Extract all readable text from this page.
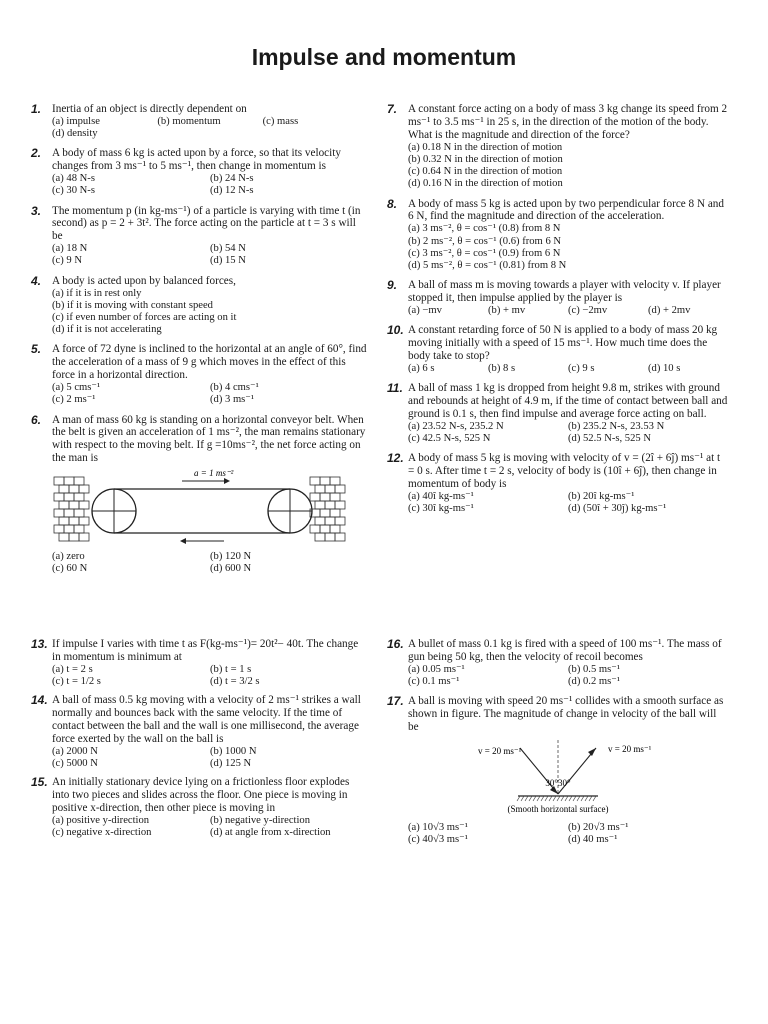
Impulse and momentum
1. Inertia of an object is directly dependent on

(a) impulse	(b) momentum	(c) mass
(d) density
2. A body of mass 6 kg is acted upon by a force, so that its velocity changes from 3 ms⁻¹ to 5 ms⁻¹, then change in momentum is

(a) 48 N-s	(b) 24 N-s
(c) 30 N-s	(d) 12 N-s
3. The momentum p (in kg-ms⁻¹) of a particle is varying with time t (in second) as p = 2 + 3t². The force acting on the particle at t = 3 s will be

(a) 18 N	(b) 54 N
(c) 9 N	(d) 15 N
4. A body is acted upon by balanced forces,

(a) if it is in rest only
(b) if it is moving with constant speed
(c) if even number of forces are acting on it
(d) if it is not accelerating
5. A force of 72 dyne is inclined to the horizontal at an angle of 60°, find the acceleration of a mass of 9 g which moves in the effect of this force in a horizontal direction.

(a) 5 cms⁻¹	(b) 4 cms⁻¹
(c) 2 ms⁻¹	(d) 3 ms⁻¹
6. A man of mass 60 kg is standing on a horizontal conveyor belt. When the belt is given an acceleration of 1 ms⁻², the man remains stationary with respect to the moving belt. If g =10ms⁻², the net force acting on the man is

a = 1 ms⁻²
(a) zero	(b) 120 N
(c) 60 N	(d) 600 N
7. A constant force acting on a body of mass 3 kg change its speed from 2 ms⁻¹ to 3.5 ms⁻¹ in 25 s, in the direction of the motion of the body. What is the magnitude and direction of the force?

(a) 0.18 N in the direction of motion
(b) 0.32 N in the direction of motion
(c) 0.64 N in the direction of motion
(d) 0.16 N in the direction of motion
8. A body of mass 5 kg is acted upon by two perpendicular force 8 N and 6 N, find the magnitude and direction of the acceleration.

(a) 3 ms⁻², θ = cos⁻¹ (0.8) from 8 N
(b) 2 ms⁻², θ = cos⁻¹ (0.6) from 6 N
(c) 3 ms⁻², θ = cos⁻¹ (0.9) from 6 N
(d) 5 ms⁻², θ = cos⁻¹ (0.81) from 8 N
9. A ball of mass m is moving towards a player with velocity v. If player stopped it, then impulse applied by the player is

(a) −mv	(b) + mv	(c) −2mv	(d) + 2mv
10. A constant retarding force of 50 N is applied to a body of mass 20 kg moving initially with a speed of 15 ms⁻¹. How much time does the body take to stop?

(a) 6 s	(b) 8 s	(c) 9 s	(d) 10 s
11. A ball of mass 1 kg is dropped from height 9.8 m, strikes with ground and rebounds at height of 4.9 m, if the time of contact between ball and ground is 0.1 s, then find impulse and average force acting on ball.

(a) 23.52 N-s, 235.2 N	(b) 235.2 N-s, 23.53 N
(c) 42.5 N-s, 525 N	(d) 52.5 N-s, 525 N
12. A body of mass 5 kg is moving with velocity of v = (2î + 6ĵ) ms⁻¹ at t = 0 s. After time t = 2 s, velocity of body is (10î + 6ĵ), then change in momentum of body is

(a) 40î kg-ms⁻¹	(b) 20î kg-ms⁻¹
(c) 30î kg-ms⁻¹	(d) (50î + 30ĵ) kg-ms⁻¹
13. If impulse I varies with time t as F(kg-ms⁻¹)= 20t²− 40t. The change in momentum is minimum at

(a) t = 2 s	(b) t = 1 s
(c) t = 1/2 s	(d) t = 3/2 s
14. A ball of mass 0.5 kg moving with a velocity of 2 ms⁻¹ strikes a wall normally and bounces back with the same velocity. If the time of contact between the ball and the wall is one millisecond, the average force exerted by the wall on the ball is

(a) 2000 N	(b) 1000 N
(c) 5000 N	(d) 125 N
15. An initially stationary device lying on a frictionless floor explodes into two pieces and slides across the floor. One piece is moving in positive x-direction, then other piece is moving in

(a) positive y-direction	(b) negative y-direction
(c) negative x-direction	(d) at angle from x-direction
16. A bullet of mass 0.1 kg is fired with a speed of 100 ms⁻¹. The mass of gun being 50 kg, then the velocity of recoil becomes

(a) 0.05 ms⁻¹	(b) 0.5 ms⁻¹
(c) 0.1 ms⁻¹	(d) 0.2 ms⁻¹
17. A ball is moving with speed 20 ms⁻¹ collides with a smooth surface as shown in figure. The magnitude of change in velocity of the ball will be

v = 20 ms⁻¹	v = 20 ms⁻¹
30°30°
(Smooth horizontal surface)
(a) 10√3 ms⁻¹	(b) 20√3 ms⁻¹
(c) 40√3 ms⁻¹	(d) 40 ms⁻¹
